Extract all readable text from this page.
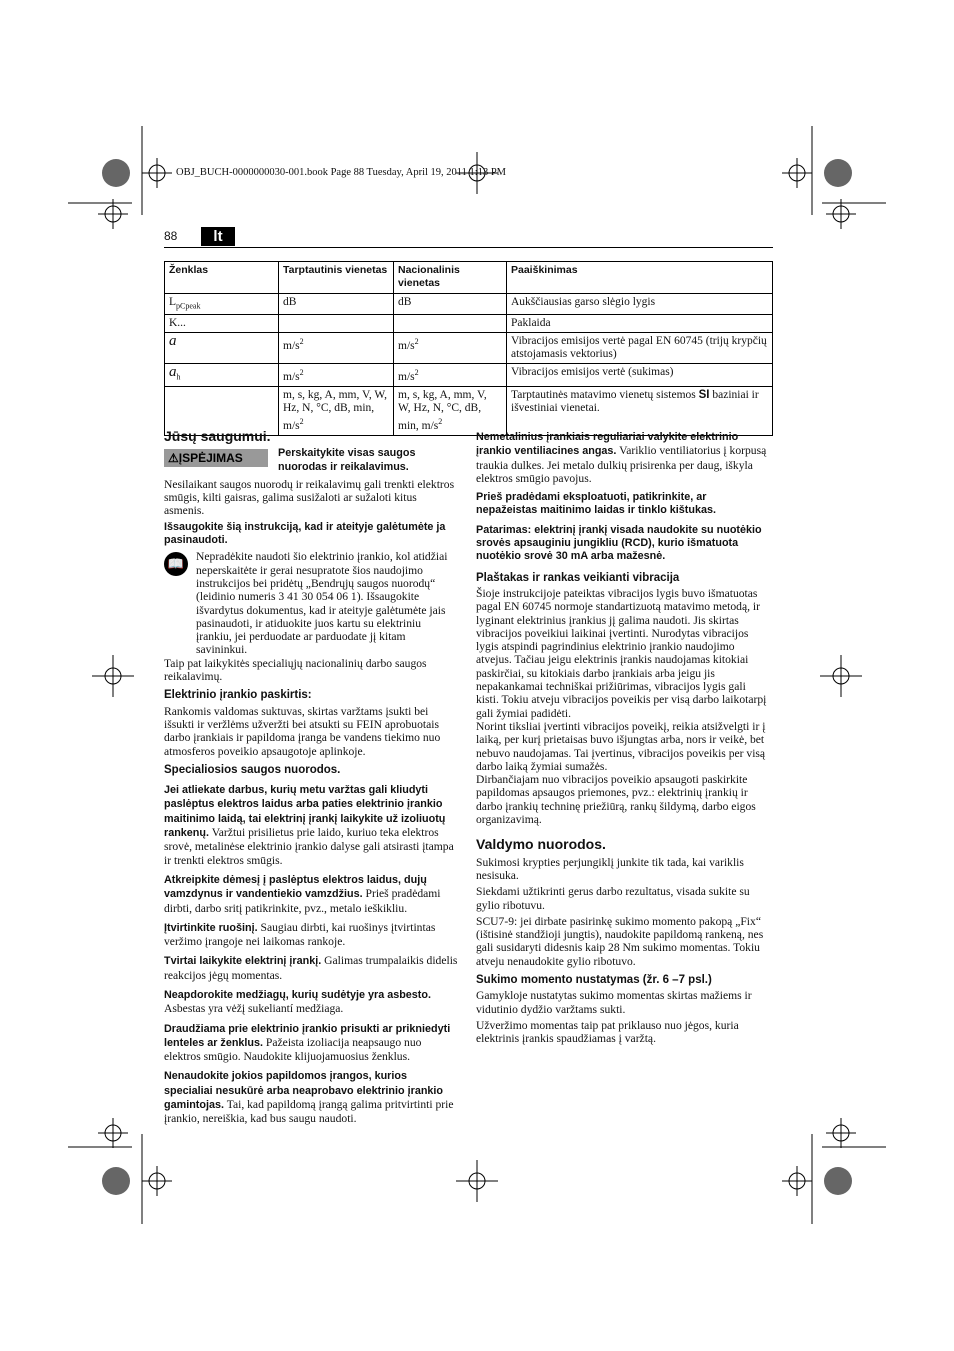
OBJ_BUCH-0000000030-001.book Page 88 Tuesday, April 19, 2011 1:13 PM
88	lt
Ženklas	Tarptautinis vienetas	Nacionalinis vienetas	Paaiškinimas
$L_{pCpeak}$	dB	dB	Aukščiausias garso slėgio lygis
K...			Paklaida
a	$m/s^2$	$m/s^2$	Vibracijos emisijos vertė pagal EN 60745 (trijų krypčių atstojamasis vektorius)
$a_h$	$m/s^2$	$m/s^2$	Vibracijos emisijos vertė (sukimas)
	m, s, kg, A, mm, V, W, Hz, N, °C, dB, min, $m/s^2$	m, s, kg, A, mm, V, W, Hz, N, °C, dB, min, $m/s^2$	Tarptautinės matavimo vienetų sistemos SI baziniai ir išvestiniai vienetai.
Jūsų saugumui.
⚠ĮSPĖJIMAS	Perskaitykite visas saugos nuorodas ir reikalavimus.

Nesilaikant saugos nuorodų ir reikalavimų gali trenkti elektros smūgis, kilti gaisras, galima susižaloti ar sužaloti kitus asmenis.

Išsaugokite šią instrukciją, kad ir ateityje galėtumėte ja pasinaudoti.

📖	Nepradėkite naudoti šio elektrinio įrankio, kol atidžiai neperskaitėte ir gerai nesupratote šios naudojimo instrukcijos bei pridėtų „Bendrųjų saugos nuorodų“ (leidinio numeris 3 41 30 054 06 1). Išsaugokite išvardytus dokumentus, kad ir ateityje galėtumėte jais pasinaudoti, ir atiduokite juos kartu su elektriniu įrankiu, jei perduodate ar parduodate jį kitam savininkui.

Taip pat laikykitės specialiųjų nacionalinių darbo saugos reikalavimų.

Elektrinio įrankio paskirtis:

Rankomis valdomas suktuvas, skirtas varžtams įsukti bei išsukti ir veržlėms užveržti bei atsukti su FEIN aprobuotais darbo įrankiais ir papildoma įranga be vandens tiekimo nuo atmosferos poveikio apsaugotoje aplinkoje.

Specialiosios saugos nuorodos.

Jei atliekate darbus, kurių metu varžtas gali kliudyti paslėptus elektros laidus arba paties elektrinio įrankio maitinimo laidą, tai elektrinį įrankį laikykite už izoliuotų rankenų. Varžtui prisilietus prie laido, kuriuo teka elektros srovė, metalinėse elektrinio įrankio dalyse gali atsirasti įtampa ir trenkti elektros smūgis.

Atkreipkite dėmesį į paslėptus elektros laidus, dujų vamzdynus ir vandentiekio vamzdžius. Prieš pradėdami dirbti, darbo sritį patikrinkite, pvz., metalo ieškikliu.

Įtvirtinkite ruošinį. Saugiau dirbti, kai ruošinys įtvirtintas veržimo įrangoje nei laikomas rankoje.

Tvirtai laikykite elektrinį įrankį. Galimas trumpalaikis didelis reakcijos jėgų momentas.

Neapdorokite medžiagų, kurių sudėtyje yra asbesto. Asbestas yra vėžį sukeliantí medžiaga.

Draudžiama prie elektrinio įrankio prisukti ar prikniedyti lenteles ar ženklus. Pažeista izoliacija neapsaugo nuo elektros smūgio. Naudokite klijuojamuosius ženklus.

Nenaudokite jokios papildomos įrangos, kurios specialiai nesukūrė arba neaprobavo elektrinio įrankio gamintojas. Tai, kad papildomą įrangą galima pritvirtinti prie įrankio, nereiškia, kad bus saugu naudoti.

Nemetalinius įrankiais reguliariai valykite elektrinio įrankio ventiliacines angas. Variklio ventiliatorius į korpusą traukia dulkes. Jei metalo dulkių prisirenka per daug, iškyla elektros smūgio pavojus.

Prieš pradėdami eksploatuoti, patikrinkite, ar nepažeistas maitinimo laidas ir tinklo kištukas.

Patarimas: elektrinį įrankį visada naudokite su nuotėkio srovės apsauginiu jungikliu (RCD), kurio išmatuota nuotėkio srovė 30 mA arba mažesnė.

Plaštakas ir rankas veikianti vibracija

Šioje instrukcijoje pateiktas vibracijos lygis buvo išmatuotas pagal EN 60745 normoje standartizuotą matavimo metodą, ir lyginant elektrinius įrankius jį galima naudoti. Jis skirtas vibracijos poveikiui laikinai įvertinti. Nurodytas vibracijos lygis atspindi pagrindinius elektrinio įrankio naudojimo atvejus. Tačiau jeigu elektrinis įrankis naudojamas kitokiai paskirčiai, su kitokiais darbo įrankiais arba jeigu jis nepakankamai techniškai prižiūrimas, vibracijos lygis gali kisti. Tokiu atveju vibracijos poveikis per visą darbo laikotarpį gali žymiai padidėti.

Norint tiksliai įvertinti vibracijos poveikį, reikia atsižvelgti ir į laiką, per kurį prietaisas buvo išjungtas arba, nors ir veikė, bet nebuvo naudojamas. Tai įvertinus, vibracijos poveikis per visą darbo laiką žymiai sumažės.

Dirbančiajam nuo vibracijos poveikio apsaugoti paskirkite papildomas apsaugos priemones, pvz.: elektrinių įrankių ir darbo įrankių techninę priežiūrą, rankų šildymą, darbo eigos organizavimą.

Valdymo nuorodos.

Sukimosi krypties perjungiklį junkite tik tada, kai variklis nesisuka.

Siekdami užtikrinti gerus darbo rezultatus, visada sukite su gylio ribotuvu.

SCU7-9: jei dirbate pasirinkę sukimo momento pakopą „Fix“ (ištisinė standžioji jungtis), naudokite papildomą rankeną, nes gali susidaryti didesnis kaip 28 Nm sukimo momentas. Tokiu atveju nenaudokite gylio ribotuvo.

Sukimo momento nustatymas (žr. 6 –7 psl.)

Gamykloje nustatytas sukimo momentas skirtas mažiems ir vidutinio dydžio varžtams sukti.

Užveržimo momentas taip pat priklauso nuo jėgos, kuria elektrinis įrankis spaudžiamas į varžtą.
